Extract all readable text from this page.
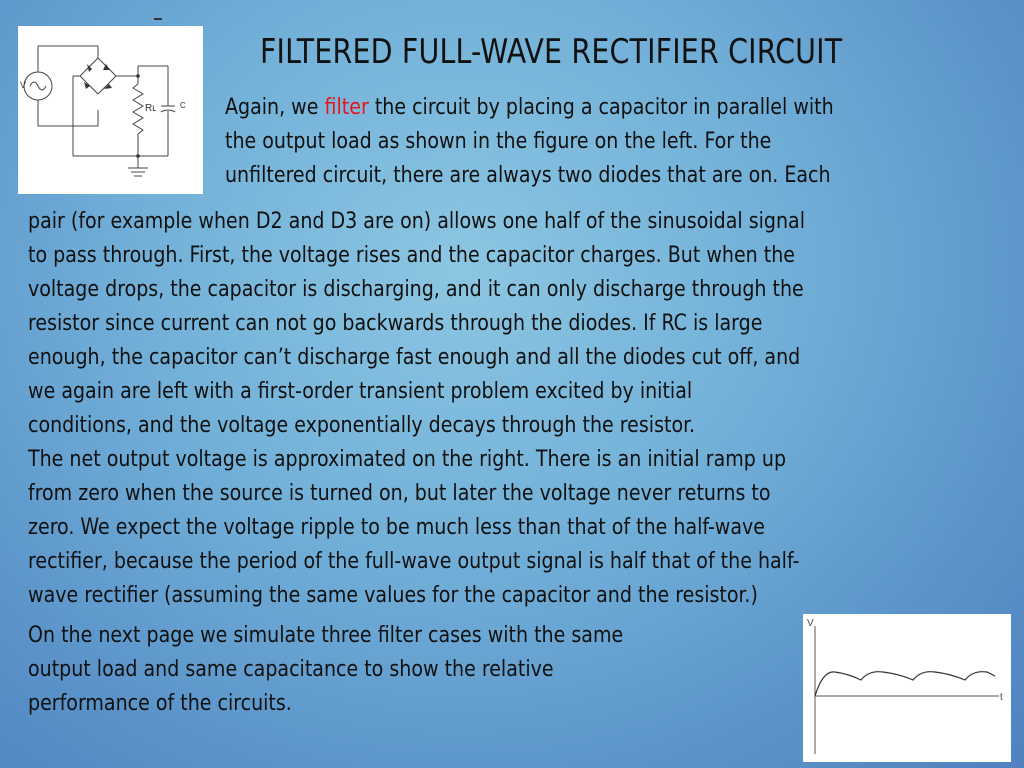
V
Rʟ	C
FILTERED FULL-WAVE RECTIFIER CIRCUIT
Again, we filter the circuit by placing a capacitor in parallel with
the output load as shown in the figure on the left. For the
unfiltered circuit, there are always two diodes that are on. Each
pair (for example when D2 and D3 are on) allows one half of the sinusoidal signal
to pass through. First, the voltage rises and the capacitor charges. But when the
voltage drops, the capacitor is discharging, and it can only discharge through the
resistor since current can not go backwards through the diodes. If RC is large
enough, the capacitor can’t discharge fast enough and all the diodes cut off, and
we again are left with a first-order transient problem excited by initial
conditions, and the voltage exponentially decays through the resistor.
The net output voltage is approximated on the right. There is an initial ramp up
from zero when the source is turned on, but later the voltage never returns to
zero. We expect the voltage ripple to be much less than that of the half-wave
rectifier, because the period of the full-wave output signal is half that of the half-
wave rectifier (assuming the same values for the capacitor and the resistor.)
On the next page we simulate three filter cases with the same
output load and same capacitance to show the relative
performance of the circuits.
V
t
